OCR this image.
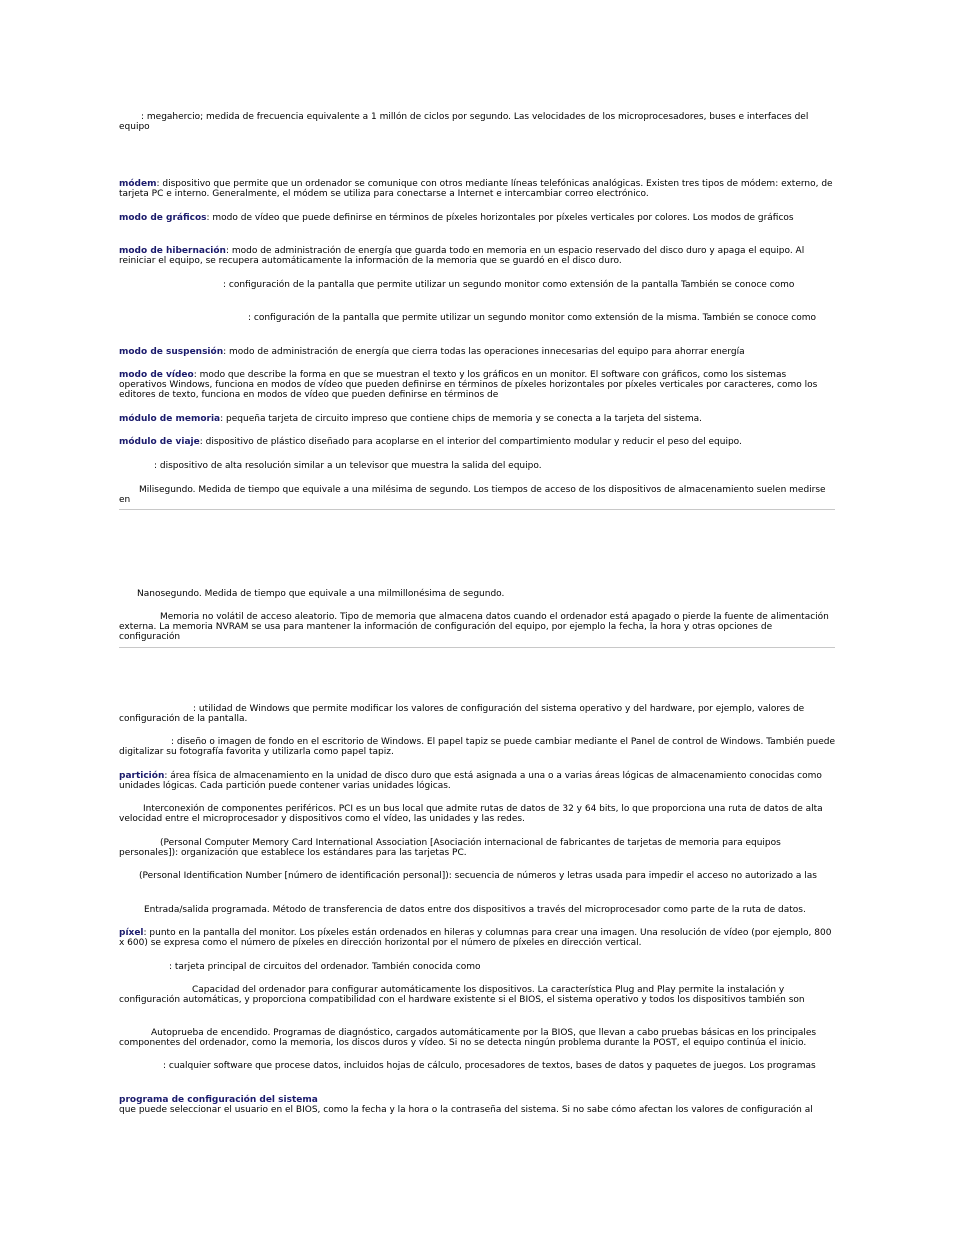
: megahercio; medida de frecuencia equivalente a 1 millón de ciclos por segundo. Las velocidades de los microprocesadores, buses e interfaces del equipo

módem: dispositivo que permite que un ordenador se comunique con otros mediante líneas telefónicas analógicas. Existen tres tipos de módem: externo, de tarjeta PC e interno. Generalmente, el módem se utiliza para conectarse a Internet e intercambiar correo electrónico.

modo de gráficos: modo de vídeo que puede definirse en términos de píxeles horizontales por píxeles verticales por colores. Los modos de gráficos

modo de hibernación: modo de administración de energía que guarda todo en memoria en un espacio reservado del disco duro y apaga el equipo. Al reiniciar el equipo, se recupera automáticamente la información de la memoria que se guardó en el disco duro.

: configuración de la pantalla que permite utilizar un segundo monitor como extensión de la pantalla También se conoce como

: configuración de la pantalla que permite utilizar un segundo monitor como extensión de la misma. También se conoce como

modo de suspensión: modo de administración de energía que cierra todas las operaciones innecesarias del equipo para ahorrar energía

modo de vídeo: modo que describe la forma en que se muestran el texto y los gráficos en un monitor. El software con gráficos, como los sistemas operativos Windows, funciona en modos de vídeo que pueden definirse en términos de píxeles horizontales por píxeles verticales por caracteres, como los editores de texto, funciona en modos de vídeo que pueden definirse en términos de

módulo de memoria: pequeña tarjeta de circuito impreso que contiene chips de memoria y se conecta a la tarjeta del sistema.

módulo de viaje: dispositivo de plástico diseñado para acoplarse en el interior del compartimiento modular y reducir el peso del equipo.

: dispositivo de alta resolución similar a un televisor que muestra la salida del equipo.

Milisegundo. Medida de tiempo que equivale a una milésima de segundo. Los tiempos de acceso de los dispositivos de almacenamiento suelen medirse en

Nanosegundo. Medida de tiempo que equivale a una milmillonésima de segundo.

Memoria no volátil de acceso aleatorio. Tipo de memoria que almacena datos cuando el ordenador está apagado o pierde la fuente de alimentación externa. La memoria NVRAM se usa para mantener la información de configuración del equipo, por ejemplo la fecha, la hora y otras opciones de configuración

: utilidad de Windows que permite modificar los valores de configuración del sistema operativo y del hardware, por ejemplo, valores de configuración de la pantalla.

: diseño o imagen de fondo en el escritorio de Windows. El papel tapiz se puede cambiar mediante el Panel de control de Windows. También puede digitalizar su fotografía favorita y utilizarla como papel tapiz.

partición: área física de almacenamiento en la unidad de disco duro que está asignada a una o a varias áreas lógicas de almacenamiento conocidas como unidades lógicas. Cada partición puede contener varias unidades lógicas.

Interconexión de componentes periféricos. PCI es un bus local que admite rutas de datos de 32 y 64 bits, lo que proporciona una ruta de datos de alta velocidad entre el microprocesador y dispositivos como el vídeo, las unidades y las redes.

(Personal Computer Memory Card International Association [Asociación internacional de fabricantes de tarjetas de memoria para equipos personales]): organización que establece los estándares para las tarjetas PC.

(Personal Identification Number [número de identificación personal]): secuencia de números y letras usada para impedir el acceso no autorizado a las

Entrada/salida programada. Método de transferencia de datos entre dos dispositivos a través del microprocesador como parte de la ruta de datos.

píxel: punto en la pantalla del monitor. Los píxeles están ordenados en hileras y columnas para crear una imagen. Una resolución de vídeo (por ejemplo, 800 x 600) se expresa como el número de píxeles en dirección horizontal por el número de píxeles en dirección vertical.

: tarjeta principal de circuitos del ordenador. También conocida como

Capacidad del ordenador para configurar automáticamente los dispositivos. La característica Plug and Play permite la instalación y configuración automáticas, y proporciona compatibilidad con el hardware existente si el BIOS, el sistema operativo y todos los dispositivos también son

Autoprueba de encendido. Programas de diagnóstico, cargados automáticamente por la BIOS, que llevan a cabo pruebas básicas en los principales componentes del ordenador, como la memoria, los discos duros y vídeo. Si no se detecta ningún problema durante la POST, el equipo continúa el inicio.

: cualquier software que procese datos, incluidos hojas de cálculo, procesadores de textos, bases de datos y paquetes de juegos. Los programas

programa de configuración del sistema
que puede seleccionar el usuario en el BIOS, como la fecha y la hora o la contraseña del sistema. Si no sabe cómo afectan los valores de configuración al
